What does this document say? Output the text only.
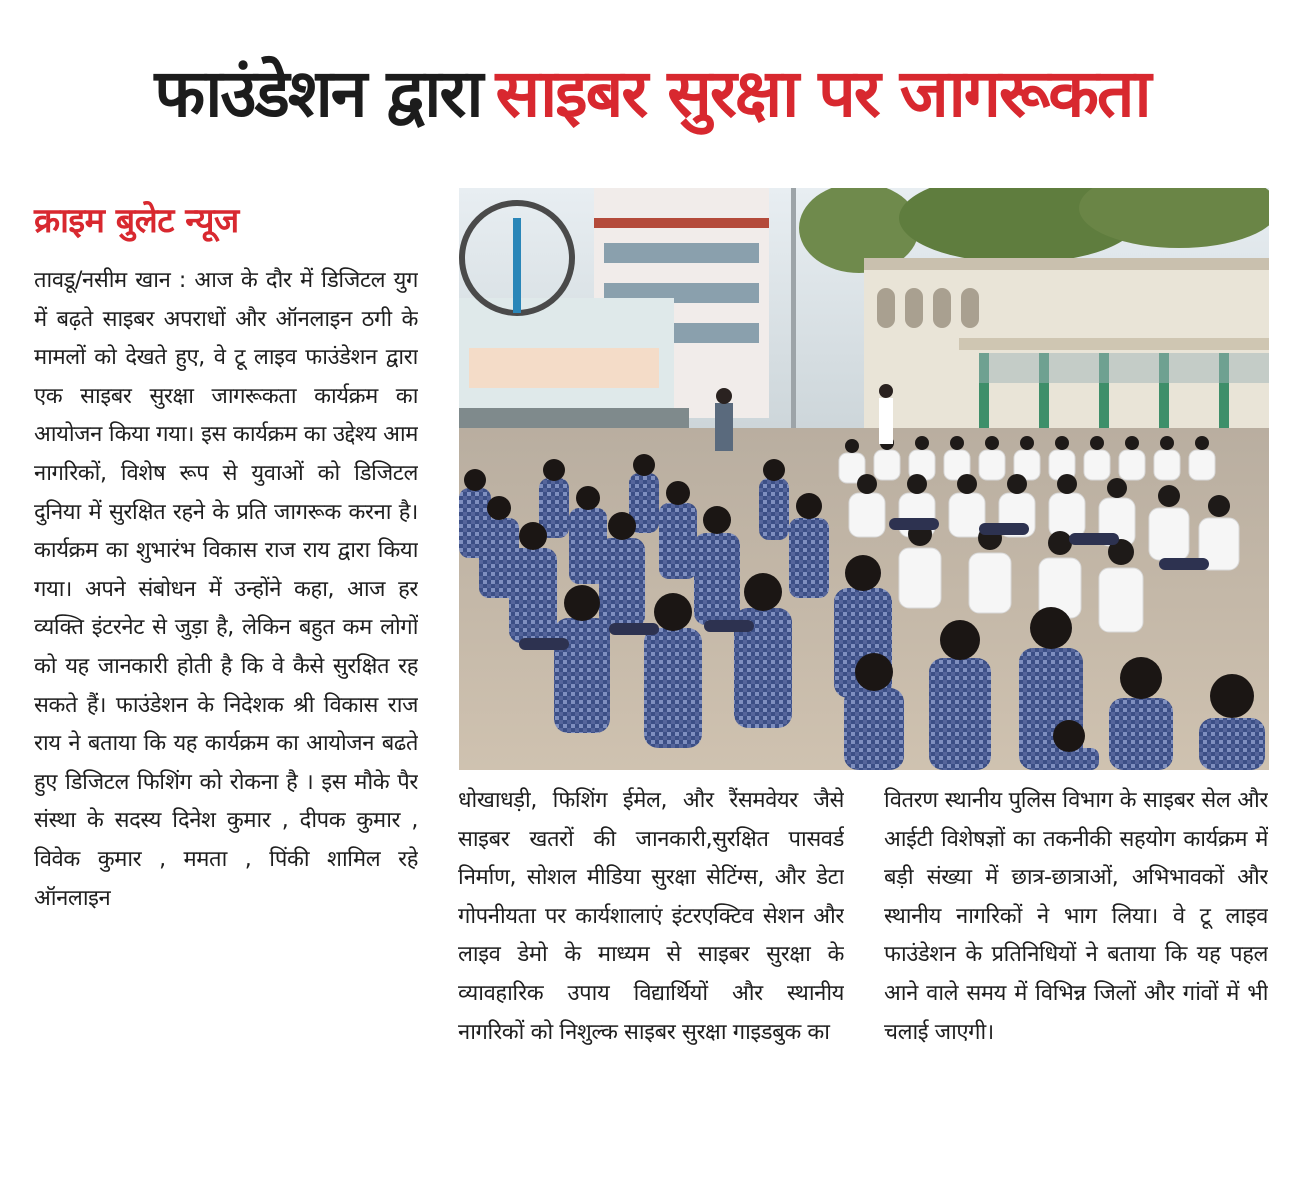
फाउंडेशन द्वारा साइबर सुरक्षा पर जागरूकता
क्राइम बुलेट न्यूज
तावडू/नसीम खान : आज के दौर में डिजिटल युग में बढ़ते साइबर अपराधों और ऑनलाइन ठगी के मामलों को देखते हुए, वे टू लाइव फाउंडेशन द्वारा एक साइबर सुरक्षा जागरूकता कार्यक्रम का आयोजन किया गया। इस कार्यक्रम का उद्देश्य आम नागरिकों, विशेष रूप से युवाओं को डिजिटल दुनिया में सुरक्षित रहने के प्रति जागरूक करना है। कार्यक्रम का शुभारंभ विकास राज राय द्वारा किया गया। अपने संबोधन में उन्होंने कहा, आज हर व्यक्ति इंटरनेट से जुड़ा है, लेकिन बहुत कम लोगों को यह जानकारी होती है कि वे कैसे सुरक्षित रह सकते हैं। फाउंडेशन के निदेशक श्री विकास राज राय ने बताया कि यह कार्यक्रम का आयोजन बढते हुए डिजिटल फिशिंग को रोकना है । इस मौके पैर संस्था के सदस्य दिनेश कुमार , दीपक कुमार , विवेक कुमार , ममता , पिंकी शामिल रहे ऑनलाइन
धोखाधड़ी, फिशिंग ईमेल, और रैंसमवेयर जैसे साइबर खतरों की जानकारी,सुरक्षित पासवर्ड निर्माण, सोशल मीडिया सुरक्षा सेटिंग्स, और डेटा गोपनीयता पर कार्यशालाएं इंटरएक्टिव सेशन और लाइव डेमो के माध्यम से साइबर सुरक्षा के व्यावहारिक उपाय विद्यार्थियों और स्थानीय नागरिकों को निशुल्क साइबर सुरक्षा गाइडबुक का
वितरण स्थानीय पुलिस विभाग के साइबर सेल और आईटी विशेषज्ञों का तकनीकी सहयोग कार्यक्रम में बड़ी संख्या में छात्र-छात्राओं, अभिभावकों और स्थानीय नागरिकों ने भाग लिया। वे टू लाइव फाउंडेशन के प्रतिनिधियों ने बताया कि यह पहल आने वाले समय में विभिन्न जिलों और गांवों में भी चलाई जाएगी।
